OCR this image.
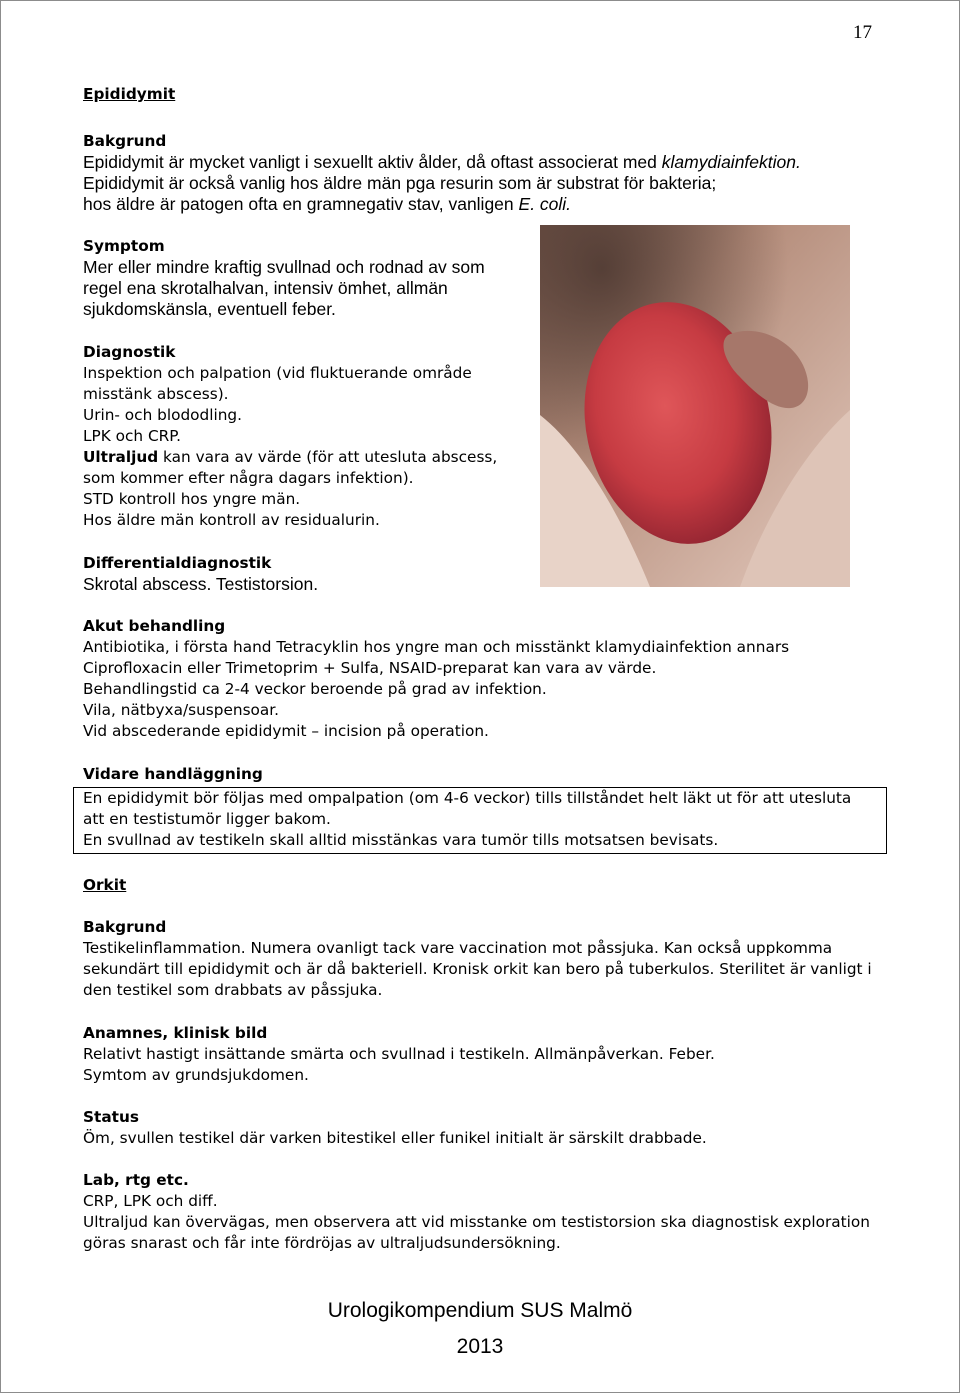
17
Epididymit
Bakgrund
Epididymit är mycket vanligt i sexuellt aktiv ålder, då oftast associerat med klamydiainfektion.
Epididymit är också vanlig hos äldre män pga resurin som är substrat för bakteria;
hos äldre är patogen ofta en gramnegativ stav, vanligen E. coli.
Symptom
Mer eller mindre kraftig svullnad och rodnad av som
regel ena skrotalhalvan, intensiv ömhet, allmän
sjukdomskänsla, eventuell feber.
Diagnostik
Inspektion och palpation (vid fluktuerande område
misstänk abscess).
Urin- och blododling.
LPK och CRP.
Ultraljud kan vara av värde (för att utesluta abscess,
som kommer efter några dagars infektion).
STD kontroll hos yngre män.
Hos äldre män kontroll av residualurin.
Differentialdiagnostik
Skrotal abscess. Testistorsion.
Akut behandling
Antibiotika, i första hand Tetracyklin hos yngre man och misstänkt klamydiainfektion annars
Ciprofloxacin eller Trimetoprim + Sulfa, NSAID-preparat kan vara av värde.
Behandlingstid ca 2-4 veckor beroende på grad av infektion.
Vila, nätbyxa/suspensoar.
Vid abscederande epididymit – incision på operation.
Vidare handläggning
En epididymit bör följas med ompalpation (om 4-6 veckor) tills tillståndet helt läkt ut för att utesluta
att en testistumör ligger bakom.
En svullnad av testikeln skall alltid misstänkas vara tumör tills motsatsen bevisats.
Orkit
Bakgrund
Testikelinflammation. Numera ovanligt tack vare vaccination mot påssjuka. Kan också uppkomma
sekundärt till epididymit och är då bakteriell. Kronisk orkit kan bero på tuberkulos. Sterilitet är vanligt i
den testikel som drabbats av påssjuka.
Anamnes, klinisk bild
Relativt hastigt insättande smärta och svullnad i testikeln. Allmänpåverkan. Feber.
Symtom av grundsjukdomen.
Status
Öm, svullen testikel där varken bitestikel eller funikel initialt är särskilt drabbade.
Lab, rtg etc.
CRP, LPK och diff.
Ultraljud kan övervägas, men observera att vid misstanke om testistorsion ska diagnostisk exploration
göras snarast och får inte fördröjas av ultraljudsundersökning.
Urologikompendium SUS Malmö
2013
